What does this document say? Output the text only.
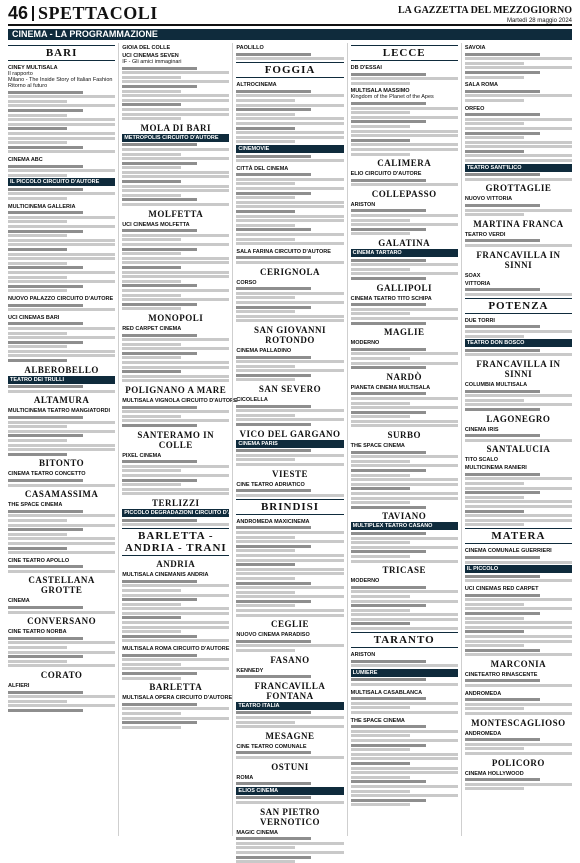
46 SPETTACOLI	LA GAZZETTA DEL MEZZOGIORNO
Martedì 28 maggio 2024
CINEMA - LA PROGRAMMAZIONE
BARI
CINEY MULTISALA
Il rapporto
Milano - The Inside Story of Italian Fashion
Ritorno al futuro
CINEMA ABC
IL PICCOLO CIRCUITO D'AUTORE
MULTICINEMA GALLERIA
NUOVO PALAZZO CIRCUITO D'AUTORE
UCI CINEMAS BARI
ALBEROBELLO
TEATRO DEI TRULLI
ALTAMURA
MULTICINEMA TEATRO MANGIATORDI
BITONTO
CINEMA TEATRO CONCETTO
CASAMASSIMA
THE SPACE CINEMA
CINE TEATRO APOLLO
CASTELLANA GROTTE
CINEMA
CONVERSANO
CINE TEATRO NORBA
CORATO
ALFIERI
GIOIA DEL COLLE
UCI CINEMAS SEVEN
IF - Gli amici immaginari
MOLA DI BARI
METROPOLIS CIRCUITO D'AUTORE
MOLFETTA
UCI CINEMAS MOLFETTA
MONOPOLI
RED CARPET CINEMA
POLIGNANO A MARE
MULTISALA VIGNOLA CIRCUITO D'AUTORE
SANTERAMO IN COLLE
PIXEL CINEMA
TERLIZZI
PICCOLO DEGRADAZIONI CIRCUITO D'AUTORE
BARLETTA - ANDRIA - TRANI
ANDRIA
MULTISALA CINEMANIS ANDRIA
MULTISALA ROMA CIRCUITO D'AUTORE
BARLETTA
MULTISALA OPERA CIRCUITO D'AUTORE
PAOLILLO
FOGGIA
ALTROCINEMA
CINEMOVIE
CITTÀ DEL CINEMA
SALA FARINA CIRCUITO D'AUTORE
CERIGNOLA
CORSO
SAN GIOVANNI ROTONDO
CINEMA PALLADINO
SAN SEVERO
CICOLELLA
VICO DEL GARGANO
CINEMA PARIS
VIESTE
CINE TEATRO ADRIATICO
BRINDISI
ANDROMEDA MAXICINEMA
CEGLIE
NUOVO CINEMA PARADISO
FASANO
KENNEDY
FRANCAVILLA FONTANA
TEATRO ITALIA
MESAGNE
CINE TEATRO COMUNALE
OSTUNI
ROMA
ELIOS CINEMA
SAN PIETRO VERNOTICO
MAGIC CINEMA
LECCE
DB D'ESSAI
MULTISALA MASSIMO
Kingdom of the Planet of the Apes
CALIMERA
ELIO CIRCUITO D'AUTORE
COLLEPASSO
ARISTON
GALATINA
CINEMA TARTARO
GALLIPOLI
CINEMA TEATRO TITO SCHIPA
MAGLIE
MODERNO
NARDÒ
PIANETA CINEMA MULTISALA
SURBO
THE SPACE CINEMA
TAVIANO
MULTIPLEX TEATRO CASANO
TRICASE
MODERNO
TARANTO
ARISTON
LUMIERE
MULTISALA CASABLANCA
THE SPACE CINEMA
SAVOIA
SALA ROMA
ORFEO
TEATRO SANT'ILICO
GROTTAGLIE
NUOVO VITTORIA
MARTINA FRANCA
TEATRO VERDI
FRANCAVILLA IN SINNI
SOAX
VITTORIA
POTENZA
DUE TORRI
TEATRO DON BOSCO
FRANCAVILLA IN SINNI
COLUMBIA MULTISALA
LAGONEGRO
CINEMA IRIS
SANTALUCIA
TITO SCALO
MULTICINEMA RANIERI
MATERA
CINEMA COMUNALE GUERRIERI
IL PICCOLO
UCI CINEMAS RED CARPET
MARCONIA
CINETEATRO RINASCENTE
ANDROMEDA
MONTESCAGLIOSO
ANDROMEDA
POLICORO
CINEMA HOLLYWOOD
